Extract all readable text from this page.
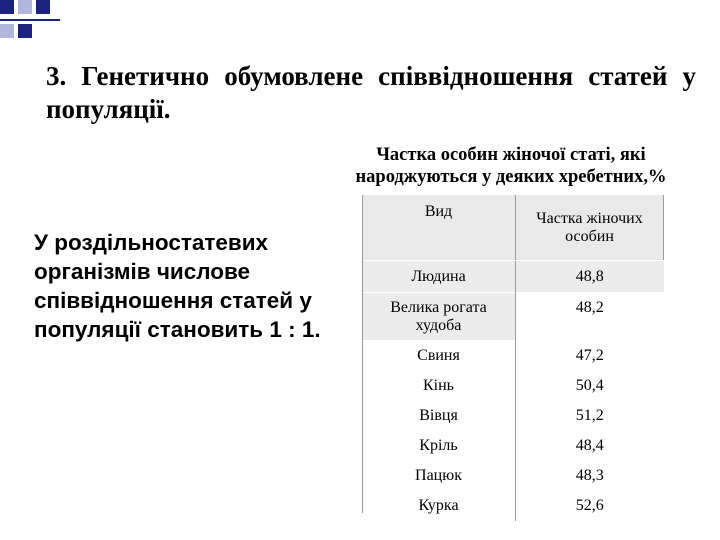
3. Генетично обумовлене співвідношення статей у популяції.
Частка особин жіночої статі, які народжуються у деяких хребетних,%
У роздільностатевих організмів числове співвідношення статей у популяції становить 1 : 1.
Вид	Частка жіночих особин
Людина	48,8
Велика рогата худоба	48,2
Свиня	47,2
Кінь	50,4
Вівця	51,2
Кріль	48,4
Пацюк	48,3
Курка	52,6
